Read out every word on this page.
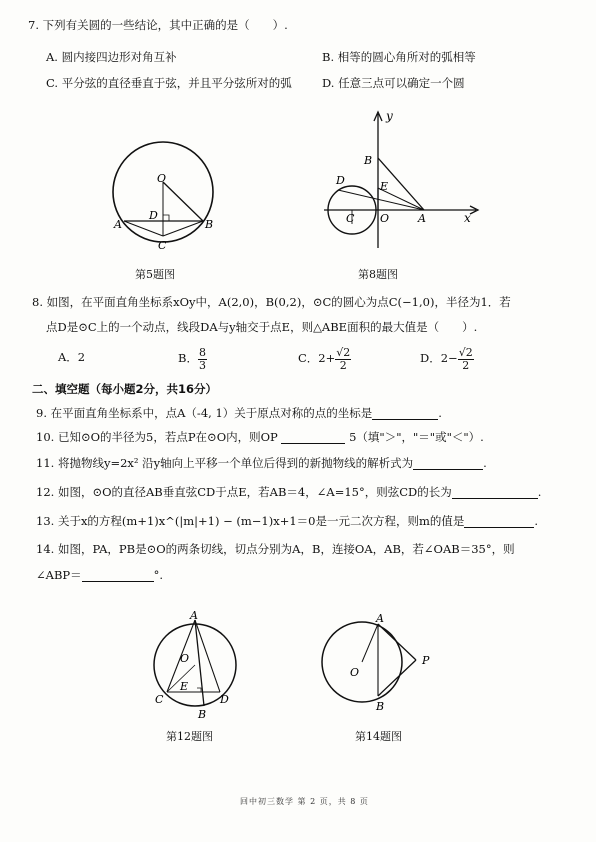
7. 下列有关圆的一些结论，其中正确的是（　　）.
A. 圆内接四边形对角互补	B. 相等的圆心角所对的弧相等
C. 平分弦的直径垂直于弦，并且平分弦所对的弧	D. 任意三点可以确定一个圆
O
D
A	B
C
第5题图
y
B
E
D
C O	A	x
第8题图
8. 如图，在平面直角坐标系xOy中，A(2,0)，B(0,2)，⊙C的圆心为点C(−1,0)，半径为1．若
点D是⊙C上的一个动点，线段DA与y轴交于点E，则△ABE面积的最大值是（　　）.
A．2	B． $\frac{8}{3}$	C．$2+ \frac{√2}{2}$	D．$2- \frac{√2}{2}$
二、填空题（每小题2分，共16分）
9. 在平面直角坐标系中，点A（-4, 1）关于原点对称的点的坐标是	.
10. 已知⊙O的半径为5，若点P在⊙O内，则OP	5（填"＞"，"＝"或"＜"）.
11. 将抛物线y=2x² 沿y轴向上平移一个单位后得到的新抛物线的解析式为	.
12. 如图，⊙O的直径AB垂直弦CD于点E，若AB＝4，∠A=15°，则弦CD的长为	.
13. 关于x的方程(m+1)x^(|m|+1) − (m−1)x+1＝0是一元二次方程，则m的值是	.
14. 如图，PA，PB是⊙O的两条切线，切点分别为A，B，连接OA，AB，若∠OAB＝35°，则
∠ABP＝	°.
A
O
E
C	D
B
第12题图
A
O
P
B
第14题图
回中初三数学 第 2 页，共 8 页
